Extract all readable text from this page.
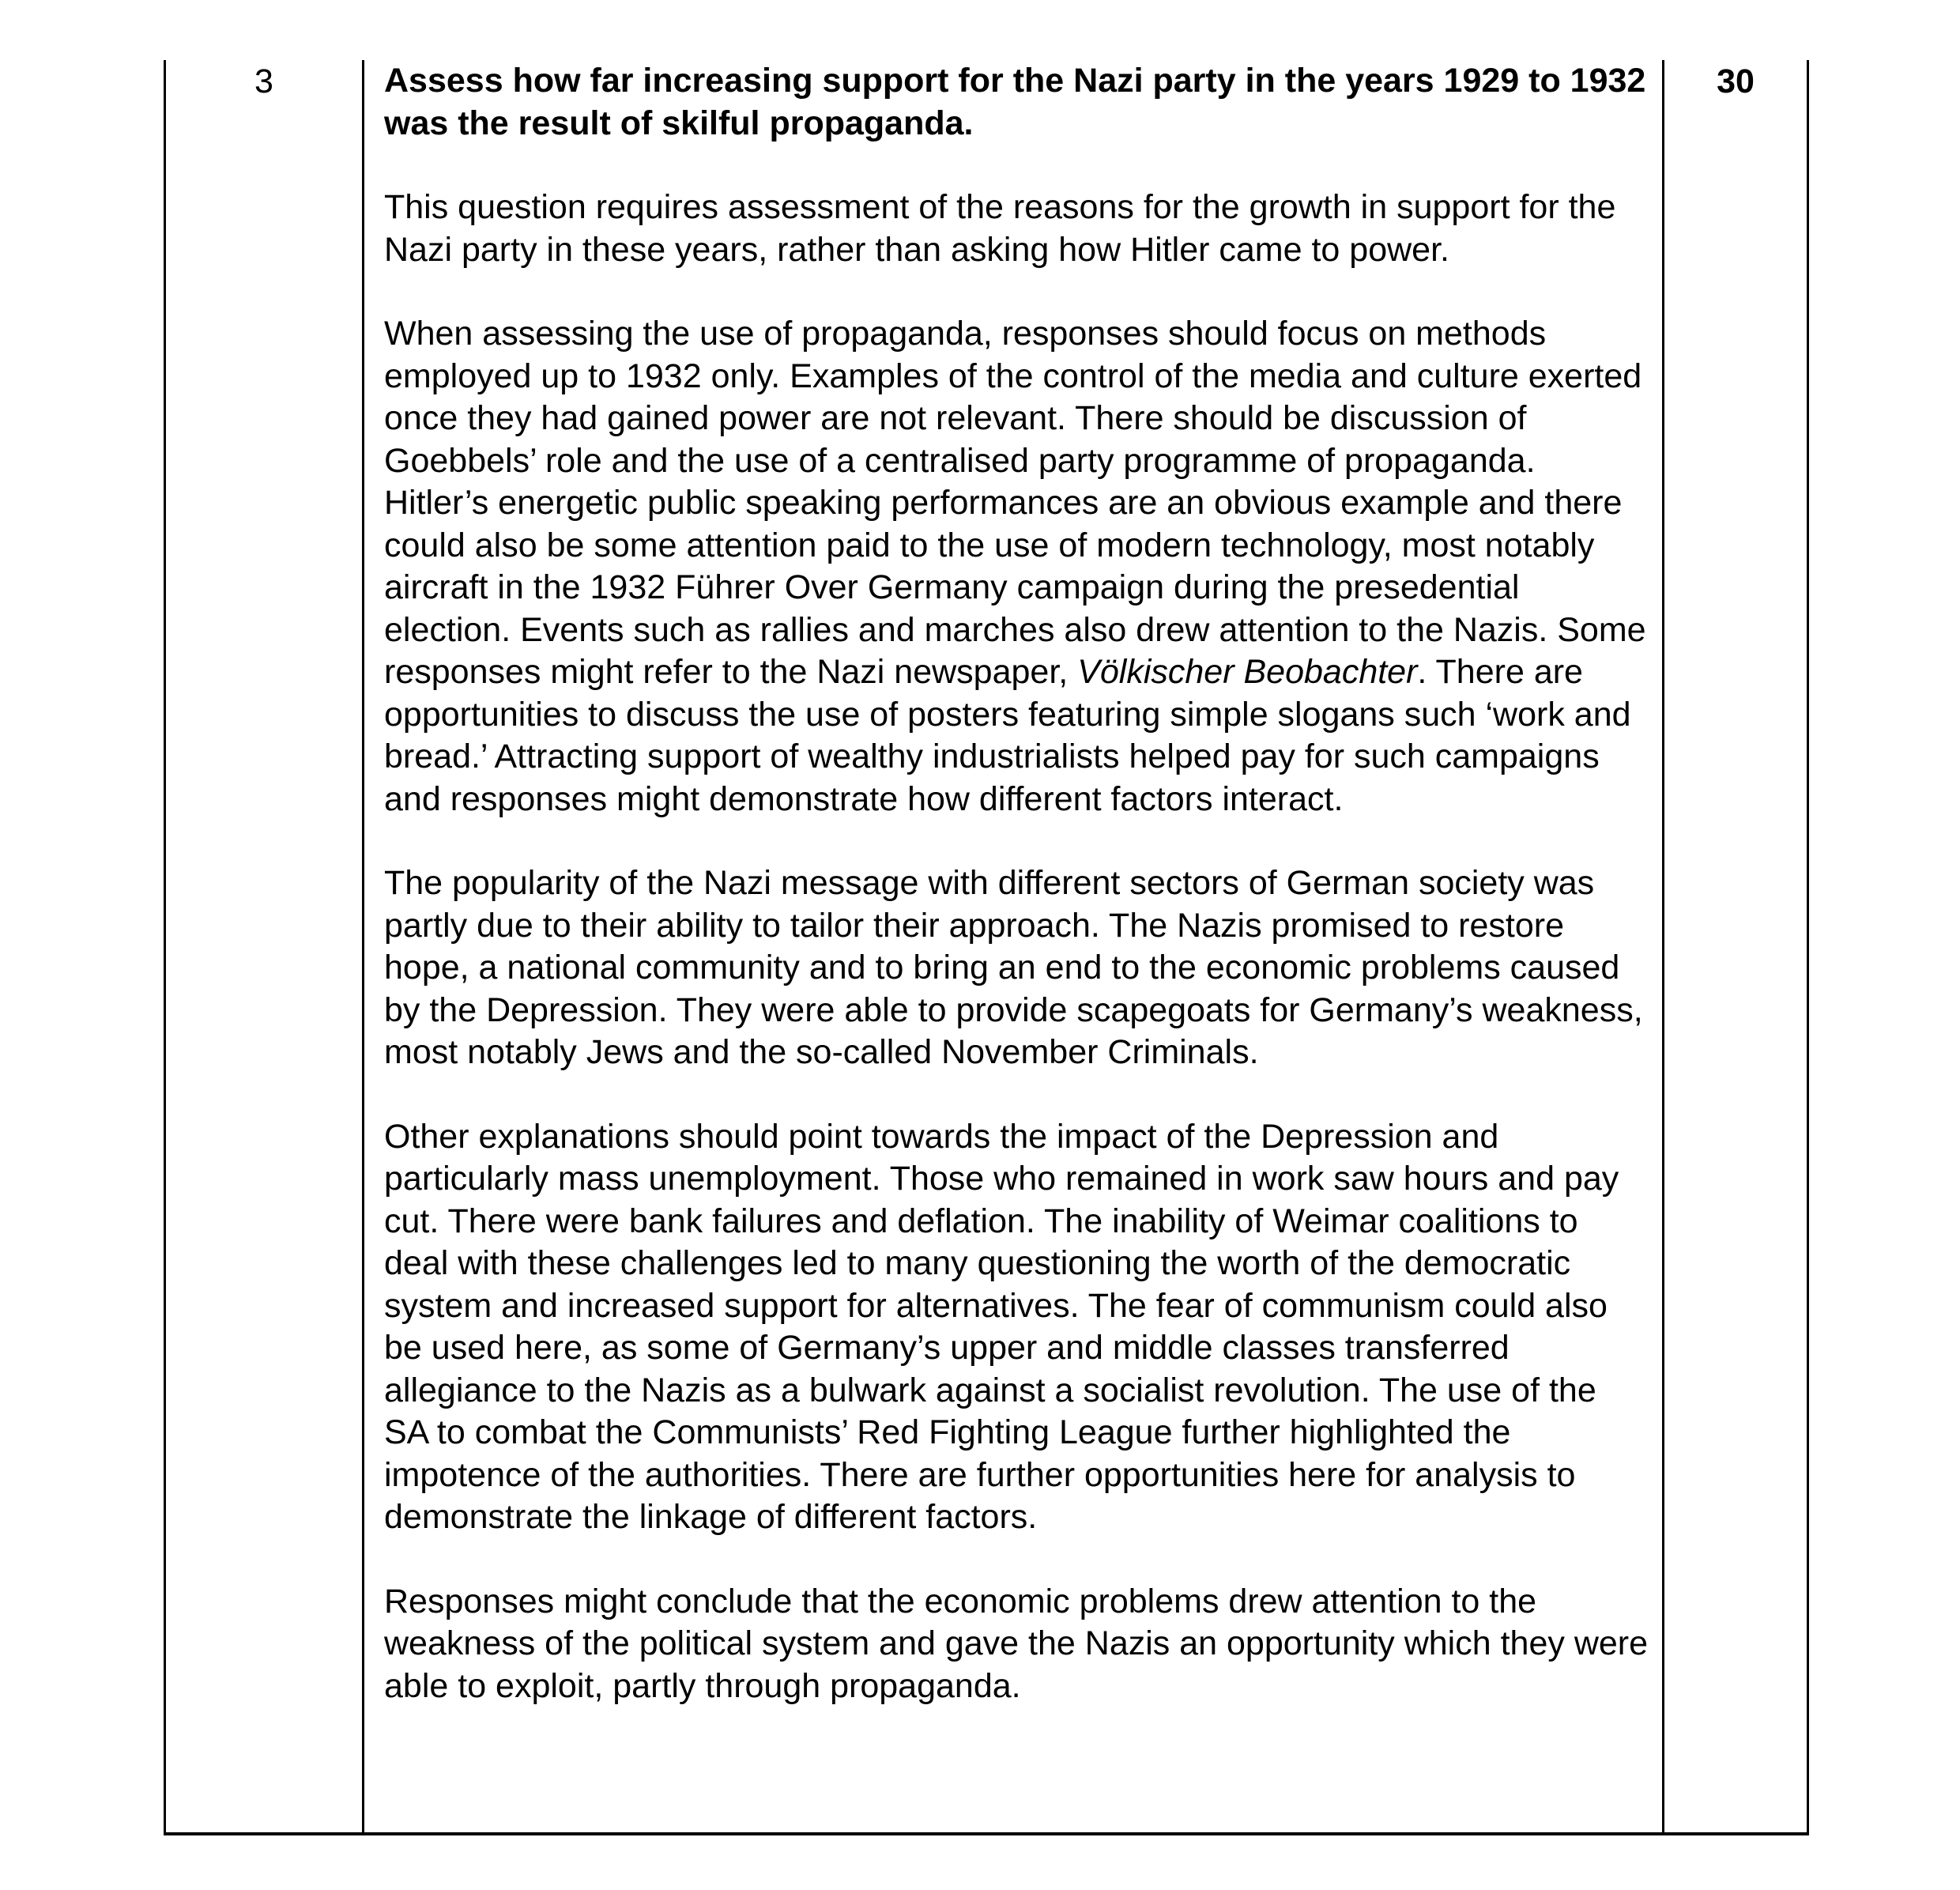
3	Assess how far increasing support for the Nazi party in the years 1929 to 1932 was the result of skilful propaganda.

This question requires assessment of the reasons for the growth in support for the Nazi party in these years, rather than asking how Hitler came to power.

When assessing the use of propaganda, responses should focus on methods employed up to 1932 only. Examples of the control of the media and culture exerted once they had gained power are not relevant. There should be discussion of Goebbels’ role and the use of a centralised party programme of propaganda. Hitler’s energetic public speaking performances are an obvious example and there could also be some attention paid to the use of modern technology, most notably aircraft in the 1932 Führer Over Germany campaign during the presedential election. Events such as rallies and marches also drew attention to the Nazis. Some responses might refer to the Nazi newspaper, Völkischer Beobachter. There are opportunities to discuss the use of posters featuring simple slogans such ‘work and bread.’ Attracting support of wealthy industrialists helped pay for such campaigns and responses might demonstrate how different factors interact.

The popularity of the Nazi message with different sectors of German society was partly due to their ability to tailor their approach. The Nazis promised to restore hope, a national community and to bring an end to the economic problems caused by the Depression. They were able to provide scapegoats for Germany’s weakness, most notably Jews and the so-called November Criminals.

Other explanations should point towards the impact of the Depression and particularly mass unemployment. Those who remained in work saw hours and pay cut. There were bank failures and deflation. The inability of Weimar coalitions to deal with these challenges led to many questioning the worth of the democratic system and increased support for alternatives. The fear of communism could also be used here, as some of Germany’s upper and middle classes transferred allegiance to the Nazis as a bulwark against a socialist revolution. The use of the SA to combat the Communists’ Red Fighting League further highlighted the impotence of the authorities. There are further opportunities here for analysis to demonstrate the linkage of different factors.

Responses might conclude that the economic problems drew attention to the weakness of the political system and gave the Nazis an opportunity which they were able to exploit, partly through propaganda.

30
